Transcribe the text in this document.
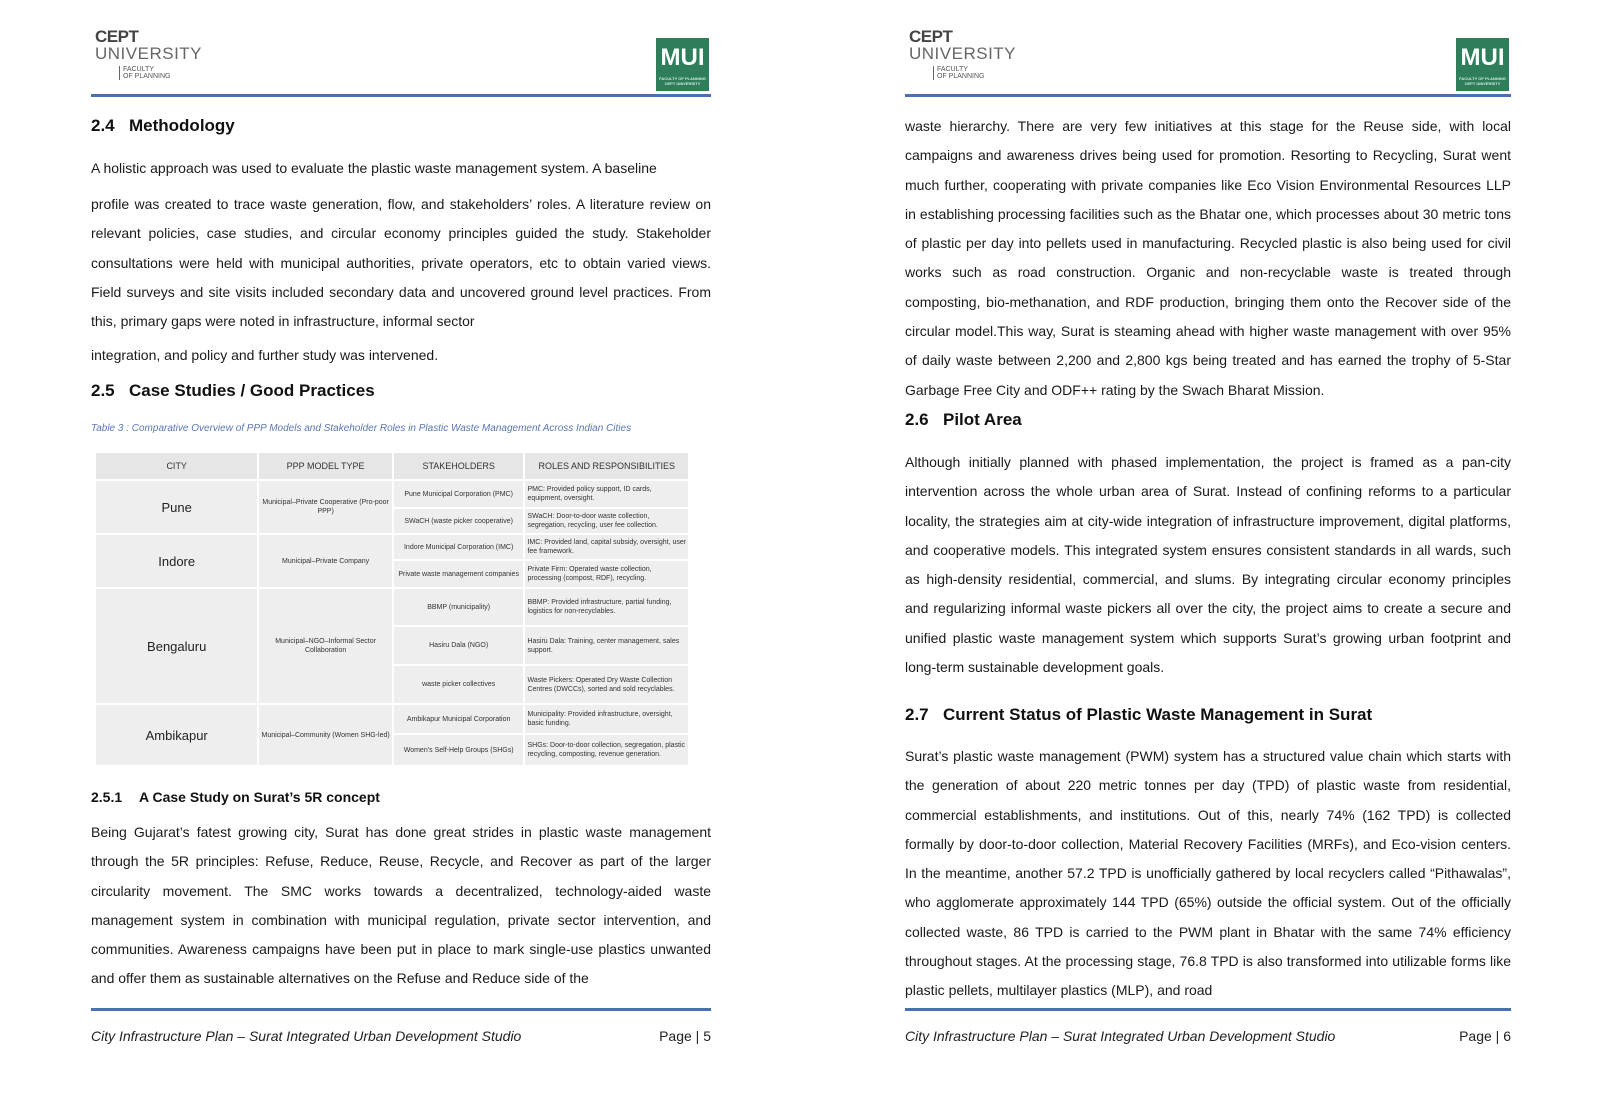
CEPT
UNIVERSITY
FACULTY
OF PLANNING
MUI
FACULTY OF PLANNING CEPT UNIVERSITY
2.4 Methodology

A holistic approach was used to evaluate the plastic waste management system. A baseline

profile was created to trace waste generation, flow, and stakeholders’ roles. A literature review on relevant policies, case studies, and circular economy principles guided the study. Stakeholder consultations were held with municipal authorities, private operators, etc to obtain varied views. Field surveys and site visits included secondary data and uncovered ground level practices. From this, primary gaps were noted in infrastructure, informal sector

integration, and policy and further study was intervened.

2.5 Case Studies / Good Practices
Table 3 : Comparative Overview of PPP Models and Stakeholder Roles in Plastic Waste Management Across Indian Cities
CITY	PPP MODEL TYPE	STAKEHOLDERS	ROLES AND RESPONSIBILITIES
Pune	Municipal–Private Cooperative (Pro-poor PPP)	Pune Municipal Corporation (PMC)	PMC: Provided policy support, ID cards, equipment, oversight.
		SWaCH (waste picker cooperative)	SWaCH: Door-to-door waste collection, segregation, recycling, user fee collection.
Indore	Municipal–Private Company	Indore Municipal Corporation (IMC)	IMC: Provided land, capital subsidy, oversight, user fee framework.
		Private waste management companies	Private Firm: Operated waste collection, processing (compost, RDF), recycling.
Bengaluru	Municipal–NGO–Informal Sector Collaboration	BBMP (municipality)	BBMP: Provided infrastructure, partial funding, logistics for non-recyclables.
		Hasiru Dala (NGO)	Hasiru Dala: Training, center management, sales support.
		waste picker collectives	Waste Pickers: Operated Dry Waste Collection Centres (DWCCs), sorted and sold recyclables.
Ambikapur	Municipal–Community (Women SHG-led)	Ambikapur Municipal Corporation	Municipality: Provided infrastructure, oversight, basic funding.
		Women’s Self-Help Groups (SHGs)	SHGs: Door-to-door collection, segregation, plastic recycling, composting, revenue generation.
2.5.1 A Case Study on Surat’s 5R concept

Being Gujarat’s fatest growing city, Surat has done great strides in plastic waste management through the 5R principles: Refuse, Reduce, Reuse, Recycle, and Recover as part of the larger circularity movement. The SMC works towards a decentralized, technology-aided waste management system in combination with municipal regulation, private sector intervention, and communities. Awareness campaigns have been put in place to mark single-use plastics unwanted and offer them as sustainable alternatives on the Refuse and Reduce side of the

City Infrastructure Plan – Surat Integrated Urban Development Studio	Page | 5
CEPT
UNIVERSITY
FACULTY
OF PLANNING
MUI
FACULTY OF PLANNING CEPT UNIVERSITY

waste hierarchy. There are very few initiatives at this stage for the Reuse side, with local campaigns and awareness drives being used for promotion. Resorting to Recycling, Surat went much further, cooperating with private companies like Eco Vision Environmental Resources LLP in establishing processing facilities such as the Bhatar one, which processes about 30 metric tons of plastic per day into pellets used in manufacturing. Recycled plastic is also being used for civil works such as road construction. Organic and non-recyclable waste is treated through composting, bio-methanation, and RDF production, bringing them onto the Recover side of the circular model.This way, Surat is steaming ahead with higher waste management with over 95% of daily waste between 2,200 and 2,800 kgs being treated and has earned the trophy of 5-Star Garbage Free City and ODF++ rating by the Swach Bharat Mission.

2.6 Pilot Area

Although initially planned with phased implementation, the project is framed as a pan-city intervention across the whole urban area of Surat. Instead of confining reforms to a particular locality, the strategies aim at city-wide integration of infrastructure improvement, digital platforms, and cooperative models. This integrated system ensures consistent standards in all wards, such as high-density residential, commercial, and slums. By integrating circular economy principles and regularizing informal waste pickers all over the city, the project aims to create a secure and unified plastic waste management system which supports Surat’s growing urban footprint and long-term sustainable development goals.

2.7 Current Status of Plastic Waste Management in Surat

Surat’s plastic waste management (PWM) system has a structured value chain which starts with the generation of about 220 metric tonnes per day (TPD) of plastic waste from residential, commercial establishments, and institutions. Out of this, nearly 74% (162 TPD) is collected formally by door-to-door collection, Material Recovery Facilities (MRFs), and Eco-vision centers. In the meantime, another 57.2 TPD is unofficially gathered by local recyclers called “Pithawalas”, who agglomerate approximately 144 TPD (65%) outside the official system. Out of the officially collected waste, 86 TPD is carried to the PWM plant in Bhatar with the same 74% efficiency throughout stages. At the processing stage, 76.8 TPD is also transformed into utilizable forms like plastic pellets, multilayer plastics (MLP), and road

City Infrastructure Plan – Surat Integrated Urban Development Studio	Page | 6
